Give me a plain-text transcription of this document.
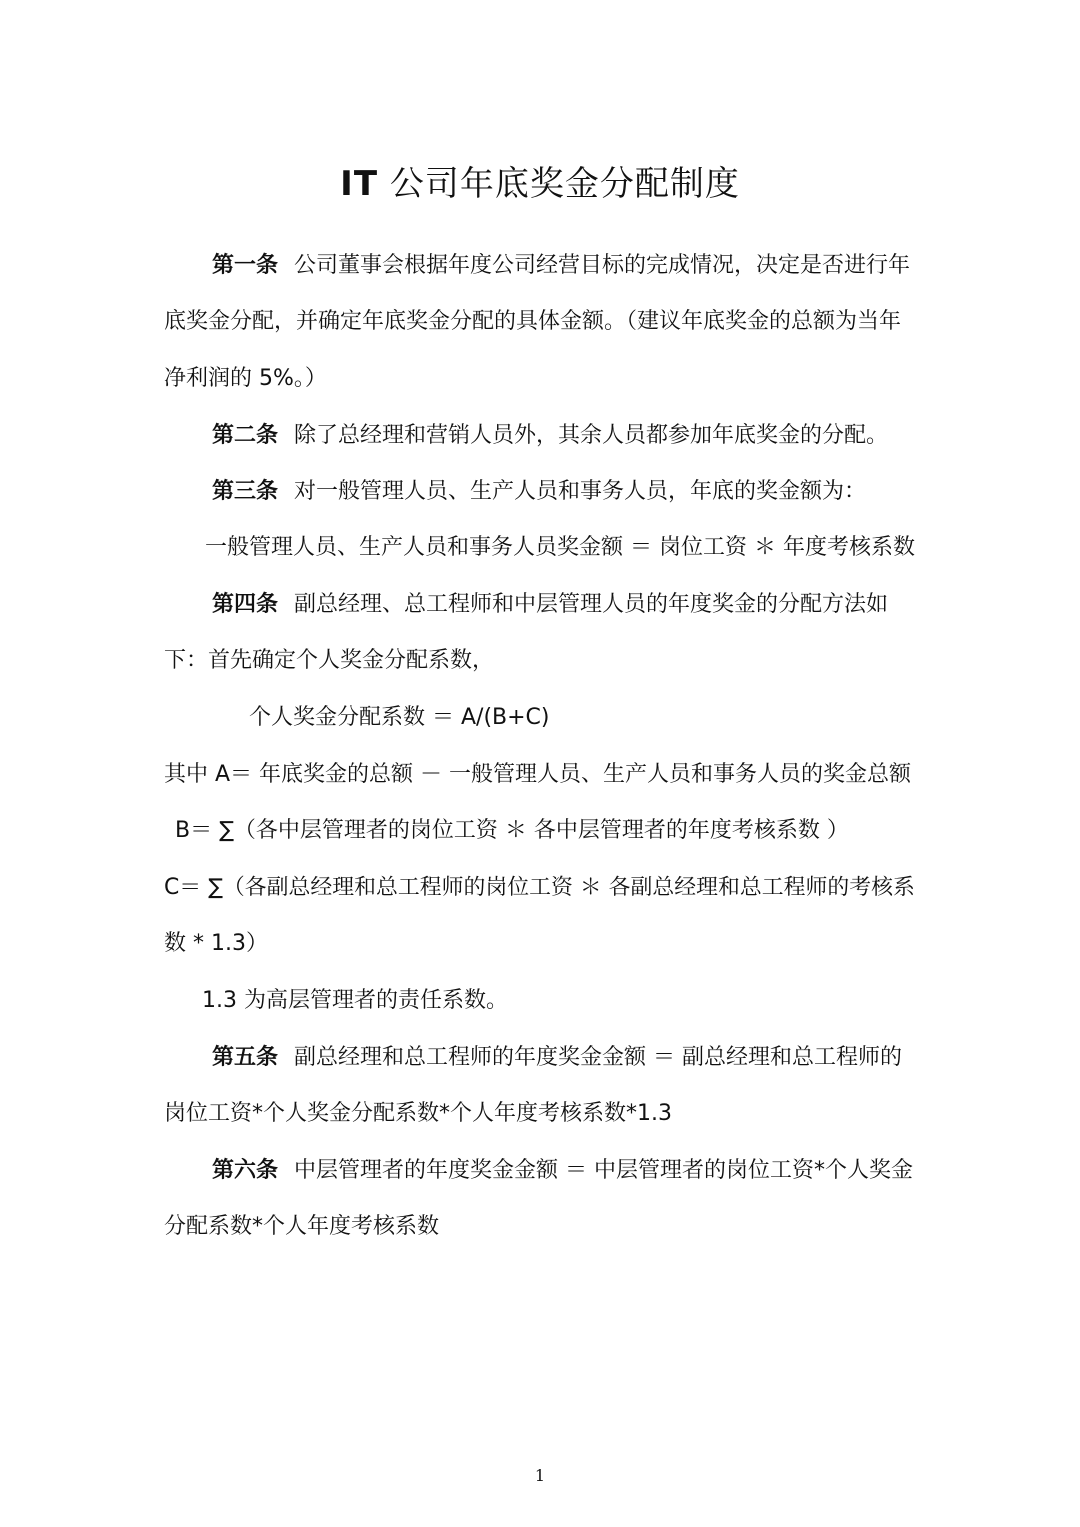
IT 公司年底奖金分配制度
第一条 公司董事会根据年度公司经营目标的完成情况，决定是否进行年
底奖金分配，并确定年底奖金分配的具体金额。（建议年底奖金的总额为当年
净利润的 5%。）
第二条 除了总经理和营销人员外，其余人员都参加年底奖金的分配。
第三条 对一般管理人员、生产人员和事务人员，年底的奖金额为：
一般管理人员、生产人员和事务人员奖金额 ＝ 岗位工资 ＊ 年度考核系数
第四条 副总经理、总工程师和中层管理人员的年度奖金的分配方法如
下：首先确定个人奖金分配系数，
个人奖金分配系数 ＝ A/(B+C)
其中 A＝ 年底奖金的总额 － 一般管理人员、生产人员和事务人员的奖金总额
B＝ ∑（各中层管理者的岗位工资 ＊ 各中层管理者的年度考核系数 ）
C＝ ∑（各副总经理和总工程师的岗位工资 ＊ 各副总经理和总工程师的考核系
数 * 1.3）
1.3 为高层管理者的责任系数。
第五条 副总经理和总工程师的年度奖金金额 ＝ 副总经理和总工程师的
岗位工资*个人奖金分配系数*个人年度考核系数*1.3
第六条 中层管理者的年度奖金金额 ＝ 中层管理者的岗位工资*个人奖金
分配系数*个人年度考核系数
1
